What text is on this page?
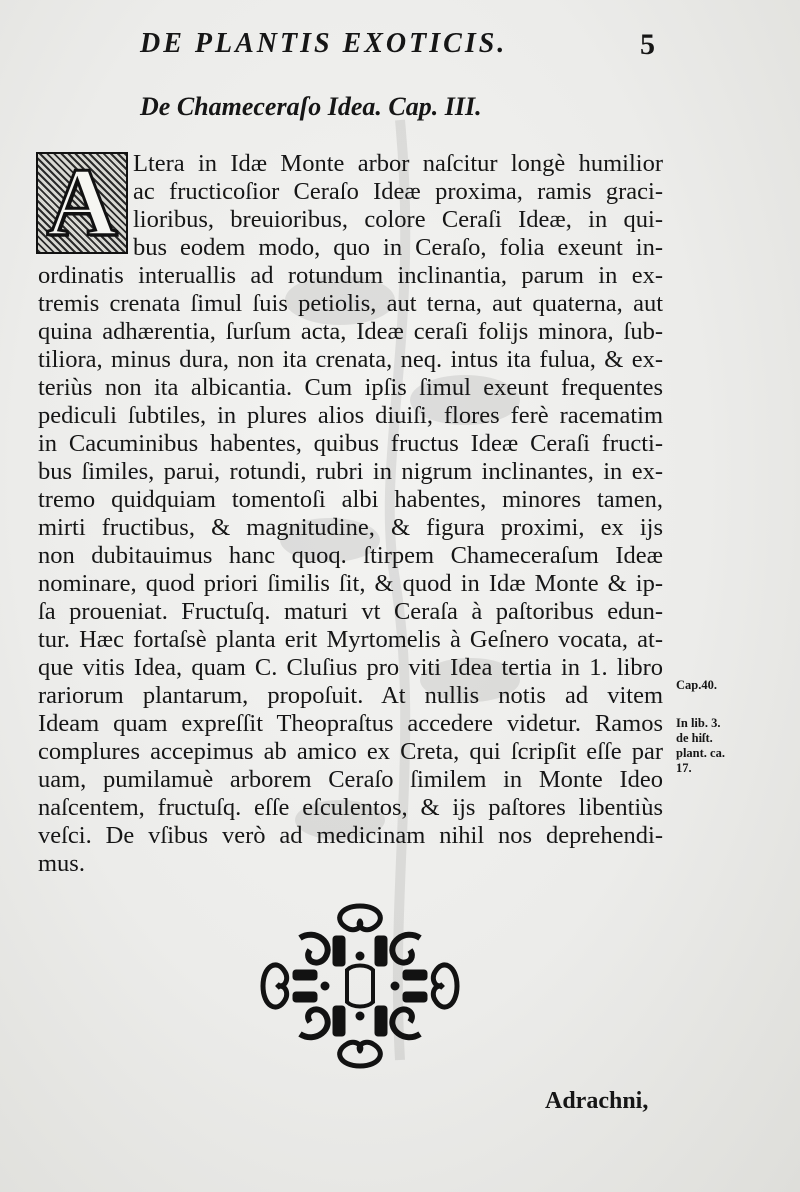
DE PLANTIS EXOTICIS.	5
De Chameceraſo Idea. Cap. III.
A Ltera in Idæ Monte arbor naſcitur longè humilior
ac fructicoſior Ceraſo Ideæ proxima, ramis graci-
lioribus, breuioribus, colore Ceraſi Ideæ, in qui-
bus eodem modo, quo in Ceraſo, folia exeunt in-
ordinatis interuallis ad rotundum inclinantia, parum in ex-
tremis crenata ſimul ſuis petiolis, aut terna, aut quaterna, aut
quina adhærentia, ſurſum acta, Ideæ ceraſi folijs minora, ſub-
tiliora, minus dura, non ita crenata, neq. intus ita fulua, & ex-
teriùs non ita albicantia. Cum ipſis ſimul exeunt frequentes
pediculi ſubtiles, in plures alios diuiſi, flores ferè racematim
in Cacuminibus habentes, quibus fructus Ideæ Ceraſi fructi-
bus ſimiles, parui, rotundi, rubri in nigrum inclinantes, in ex-
tremo quidquiam tomentoſi albi habentes, minores tamen,
mirti fructibus, & magnitudine, & figura proximi, ex ijs
non dubitauimus hanc quoq. ſtirpem Chameceraſum Ideæ
nominare, quod priori ſimilis ſit, & quod in Idæ Monte & ip-
ſa proueniat. Fructuſq. maturi vt Ceraſa à paſtoribus edun-
tur. Hæc fortaſsè planta erit Myrtomelis à Geſnero vocata, at-
que vitis Idea, quam C. Cluſius pro viti Idea tertia in 1. libro
rariorum plantarum, propoſuit. At nullis notis ad vitem
Ideam quam expreſſit Theopraſtus accedere videtur. Ramos
complures accepimus ab amico ex Creta, qui ſcripſit eſſe par
uam, pumilamuè arborem Ceraſo ſimilem in Monte Ideo
naſcentem, fructuſq. eſſe eſculentos, & ijs paſtores libentiùs
veſci. De vſibus verò ad medicinam nihil nos deprehendi-
mus.
Cap.40.
In lib. 3.
de hiſt.
plant. ca.
17.
Adrachni,
